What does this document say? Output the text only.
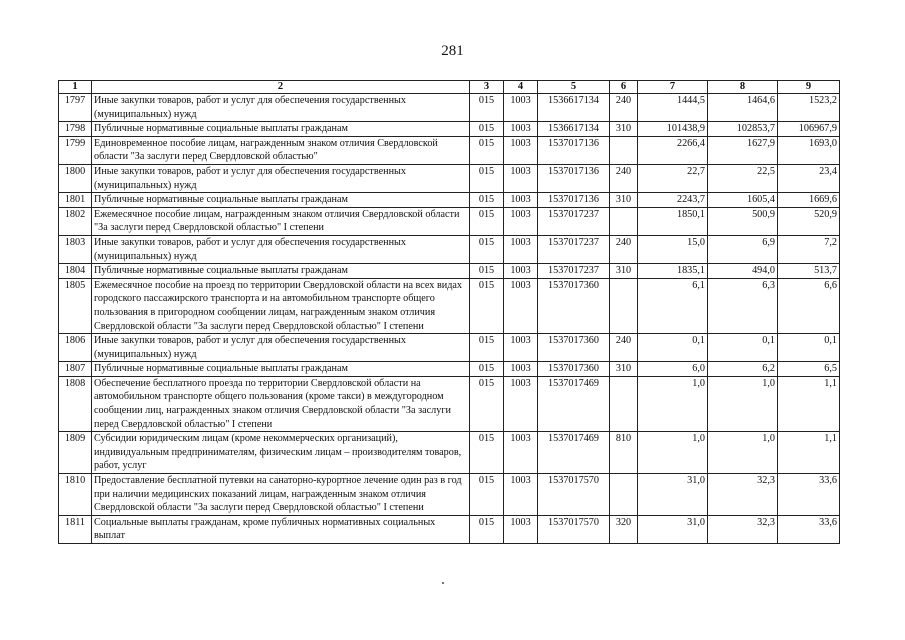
281
1	2	3	4	5	6	7	8	9
1797	Иные закупки товаров, работ и услуг для обеспечения государственных (муниципальных) нужд	015	1003	1536617134	240	1444,5	1464,6	1523,2
1798	Публичные нормативные социальные выплаты гражданам	015	1003	1536617134	310	101438,9	102853,7	106967,9
1799	Единовременное пособие лицам, награжденным знаком отличия Свердловской области "За заслуги перед Свердловской областью"	015	1003	1537017136		2266,4	1627,9	1693,0
1800	Иные закупки товаров, работ и услуг для обеспечения государственных (муниципальных) нужд	015	1003	1537017136	240	22,7	22,5	23,4
1801	Публичные нормативные социальные выплаты гражданам	015	1003	1537017136	310	2243,7	1605,4	1669,6
1802	Ежемесячное пособие лицам, награжденным знаком отличия Свердловской области "За заслуги перед Свердловской областью" I степени	015	1003	1537017237		1850,1	500,9	520,9
1803	Иные закупки товаров, работ и услуг для обеспечения государственных (муниципальных) нужд	015	1003	1537017237	240	15,0	6,9	7,2
1804	Публичные нормативные социальные выплаты гражданам	015	1003	1537017237	310	1835,1	494,0	513,7
1805	Ежемесячное пособие на проезд по территории Свердловской области на всех видах городского пассажирского транспорта и на автомобильном транспорте общего пользования в пригородном сообщении лицам, награжденным знаком отличия Свердловской области "За заслуги перед Свердловской областью" I степени	015	1003	1537017360		6,1	6,3	6,6
1806	Иные закупки товаров, работ и услуг для обеспечения государственных (муниципальных) нужд	015	1003	1537017360	240	0,1	0,1	0,1
1807	Публичные нормативные социальные выплаты гражданам	015	1003	1537017360	310	6,0	6,2	6,5
1808	Обеспечение бесплатного проезда по территории Свердловской области на автомобильном транспорте общего пользования (кроме такси) в междугородном сообщении лиц, награжденных знаком отличия Свердловской области "За заслуги перед Свердловской областью" I степени	015	1003	1537017469		1,0	1,0	1,1
1809	Субсидии юридическим лицам (кроме некоммерческих организаций), индивидуальным предпринимателям, физическим лицам – производителям товаров, работ, услуг	015	1003	1537017469	810	1,0	1,0	1,1
1810	Предоставление бесплатной путевки на санаторно-курортное лечение один раз в год при наличии медицинских показаний лицам, награжденным знаком отличия Свердловской области "За заслуги перед Свердловской областью" I степени	015	1003	1537017570		31,0	32,3	33,6
1811	Социальные выплаты гражданам, кроме публичных нормативных социальных выплат	015	1003	1537017570	320	31,0	32,3	33,6
